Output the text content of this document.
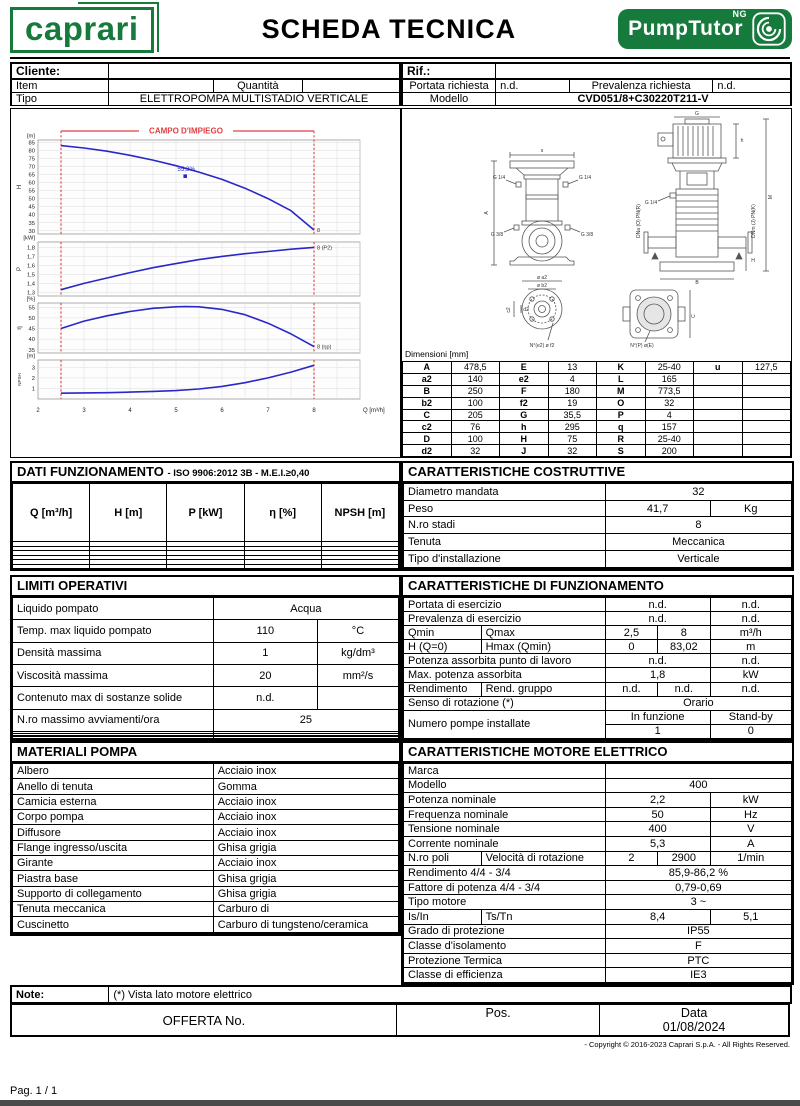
caprari	SCHEDA TECNICA	PumpTutor
NG
Cliente:			
Item		Quantità	
Tipo	ELETTROPOMPA MULTISTADIO VERTICALE		
Rif.:			
Portata richiesta	n.d.	Prevalenza richiesta	n.d.
Modello	CVD051/8+C30220T211-V		
30
35
40
45
50
55
60
65
70
75
80
85
[m]
H
8
55,3%
1,3
1,4
1,5
1,6
1,7
1,8
[kW]
P
8 (P2)
35
40
45
50
55
[%]
η
8 (ηp)
1
2
3
[m]
NPSH
CAMPO D'IMPIEGO
2	3	4	5	6	7	8	Q [m³/h]
s
G 1/4	G 1/4
G 3/8	G 3/8
A
ø a2
ø b2
c2 d2
N°(e2) ø f2
G
h
G 1/4
DNa (O) PN(R)	DNm (J) PN(K)
M
H
B
N°(P) ø(E)
C
Dimensioni [mm]
A	478,5	E	13	K	25-40	u	127,5
a2	140	e2	4	L	165		
B	250	F	180	M	773,5		
b2	100	f2	19	O	32		
C	205	G	35,5	P	4		
c2	76	h	295	q	157		
D	100	H	75	R	25-40		
d2	32	J	32	S	200		
DATI FUNZIONAMENTO - ISO 9906:2012 3B - M.E.I.≥0,40
Q [m³/h]	H [m]	P [kW]	η [%]	NPSH [m]

CARATTERISTICHE COSTRUTTIVE
Diametro mandata	32	
Peso	41,7	Kg
N.ro stadi	8	
Tenuta	Meccanica	
Tipo d'installazione	Verticale	

LIMITI OPERATIVI
Liquido pompato	Acqua	
Temp. max liquido pompato	110	°C
Densità massima	1	kg/dm³
Viscosità massima	20	mm²/s
Contenuto max di sostanze solide	n.d.	
N.ro massimo avviamenti/ora	25	

CARATTERISTICHE DI FUNZIONAMENTO
Portata di esercizio		n.d.		n.d.
Prevalenza di esercizio		n.d.		n.d.
Qmin	Qmax	2,5	8	m³/h
H (Q=0)	Hmax (Qmin)	0	83,02	m
Potenza assorbita punto di lavoro		n.d.		n.d.
Max. potenza assorbita		1,8		kW
Rendimento	Rend. gruppo	n.d.	n.d.	n.d.
Senso di rotazione (*)		Orario		
Numero pompe installate		In funzione		Stand-by
		1		0
MATERIALI POMPA
Albero	Acciaio inox
Anello di tenuta	Gomma
Camicia esterna	Acciaio inox
Corpo pompa	Acciaio inox
Diffusore	Acciaio inox
Flange ingresso/uscita	Ghisa grigia
Girante	Acciaio inox
Piastra base	Ghisa grigia
Supporto di collegamento	Ghisa grigia
Tenuta meccanica	Carburo di
Cuscinetto	Carburo di tungsteno/ceramica

CARATTERISTICHE MOTORE ELETTRICO
Marca				
Modello		400		
Potenza nominale		2,2		kW
Frequenza nominale		50		Hz
Tensione nominale		400		V
Corrente nominale		5,3		A
N.ro poli	Velocità di rotazione	2	2900	1/min
Rendimento 4/4 - 3/4		85,9-86,2 %		
Fattore di potenza 4/4 - 3/4		0,79-0,69		
Tipo motore		3 ~		
Is/In	Ts/Tn	8,4		5,1
Grado di protezione		IP55		
Classe d'isolamento		F		
Protezione Termica		PTC		
Classe di efficienza		IE3		
Note:	(*) Vista lato motore elettrico
OFFERTA No.	Pos.	Data
01/08/2024
- Copyright © 2016-2023 Caprari S.p.A. - All Rights Reserved.
Pag. 1 / 1
